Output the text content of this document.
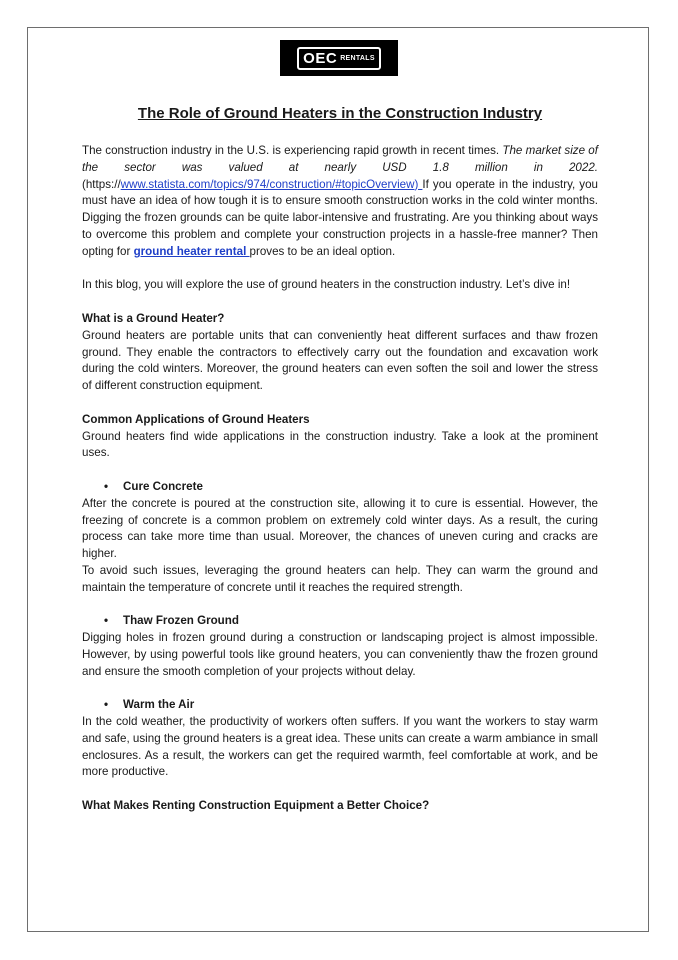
OEC RENTALS
The Role of Ground Heaters in the Construction Industry

The construction industry in the U.S. is experiencing rapid growth in recent times. The market size of the sector was valued at nearly USD 1.8 million in 2022. (https://www.statista.com/topics/974/construction/#topicOverview) If you operate in the industry, you must have an idea of how tough it is to ensure smooth construction works in the cold winter months. Digging the frozen grounds can be quite labor-intensive and frustrating. Are you thinking about ways to overcome this problem and complete your construction projects in a hassle-free manner? Then opting for ground heater rental proves to be an ideal option.

In this blog, you will explore the use of ground heaters in the construction industry. Let’s dive in!

What is a Ground Heater?

Ground heaters are portable units that can conveniently heat different surfaces and thaw frozen ground. They enable the contractors to effectively carry out the foundation and excavation work during the cold winters. Moreover, the ground heaters can even soften the soil and lower the stress of different construction equipment.

Common Applications of Ground Heaters

Ground heaters find wide applications in the construction industry. Take a look at the prominent uses.

•	Cure Concrete

After the concrete is poured at the construction site, allowing it to cure is essential. However, the freezing of concrete is a common problem on extremely cold winter days. As a result, the curing process can take more time than usual. Moreover, the chances of uneven curing and cracks are higher.

To avoid such issues, leveraging the ground heaters can help. They can warm the ground and maintain the temperature of concrete until it reaches the required strength.

•	Thaw Frozen Ground

Digging holes in frozen ground during a construction or landscaping project is almost impossible. However, by using powerful tools like ground heaters, you can conveniently thaw the frozen ground and ensure the smooth completion of your projects without delay.

•	Warm the Air

In the cold weather, the productivity of workers often suffers. If you want the workers to stay warm and safe, using the ground heaters is a great idea. These units can create a warm ambiance in small enclosures. As a result, the workers can get the required warmth, feel comfortable at work, and be more productive.

What Makes Renting Construction Equipment a Better Choice?
